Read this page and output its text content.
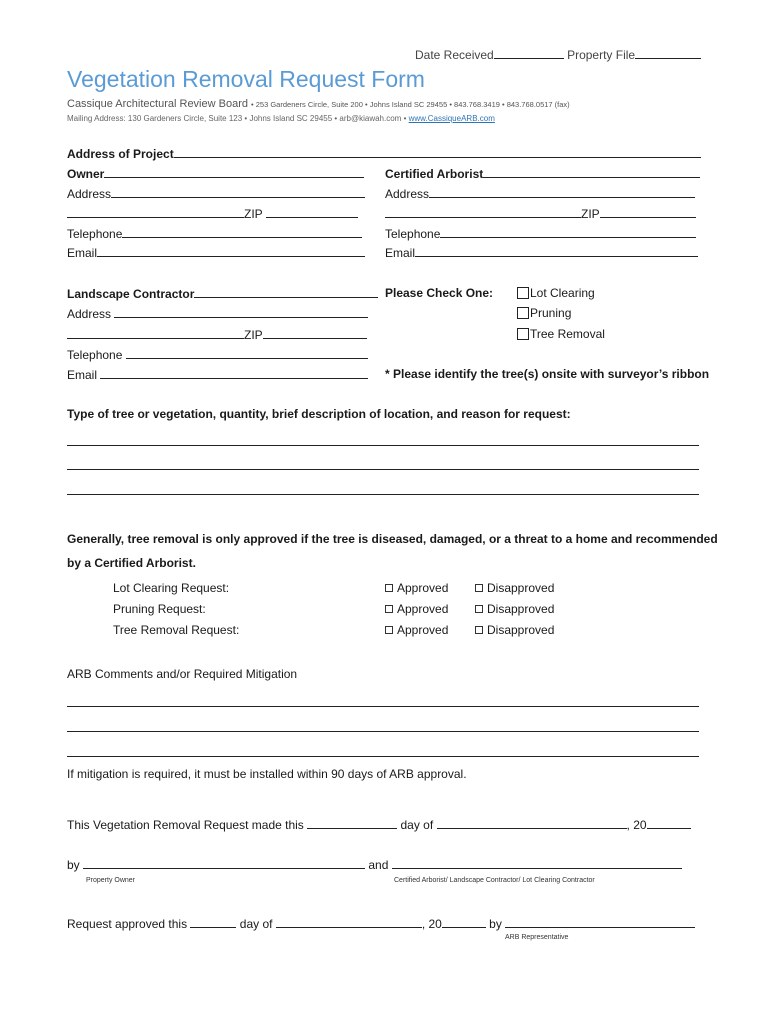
Date Received	Property File
Vegetation Removal Request Form
Cassique Architectural Review Board • 253 Gardeners Circle, Suite 200 • Johns Island SC 29455 • 843.768.3419 • 843.768.0517 (fax)
Mailing Address: 130 Gardeners Circle, Suite 123 • Johns Island SC 29455 • arb@kiawah.com • www.CassiqueARB.com
Address of Project
Owner
Address
ZIP
Telephone
Email
Certified Arborist
Address
ZIP
Telephone
Email
Landscape Contractor
Address
ZIP
Telephone
Email
Please Check One:	Lot Clearing
Pruning
Tree Removal
* Please identify the tree(s) onsite with surveyor’s ribbon
Type of tree or vegetation, quantity, brief description of location, and reason for request:
Generally, tree removal is only approved if the tree is diseased, damaged, or a threat to a home and recommended
by a Certified Arborist.
Lot Clearing Request:	Approved	Disapproved
Pruning Request:	Approved	Disapproved
Tree Removal Request:	Approved	Disapproved
ARB Comments and/or Required Mitigation
If mitigation is required, it must be installed within 90 days of ARB approval.
This Vegetation Removal Request made this	day of	, 20
by	and
Property Owner	Certified Arborist/ Landscape Contractor/ Lot Clearing Contractor
Request approved this	day of	, 20	by
ARB Representative
